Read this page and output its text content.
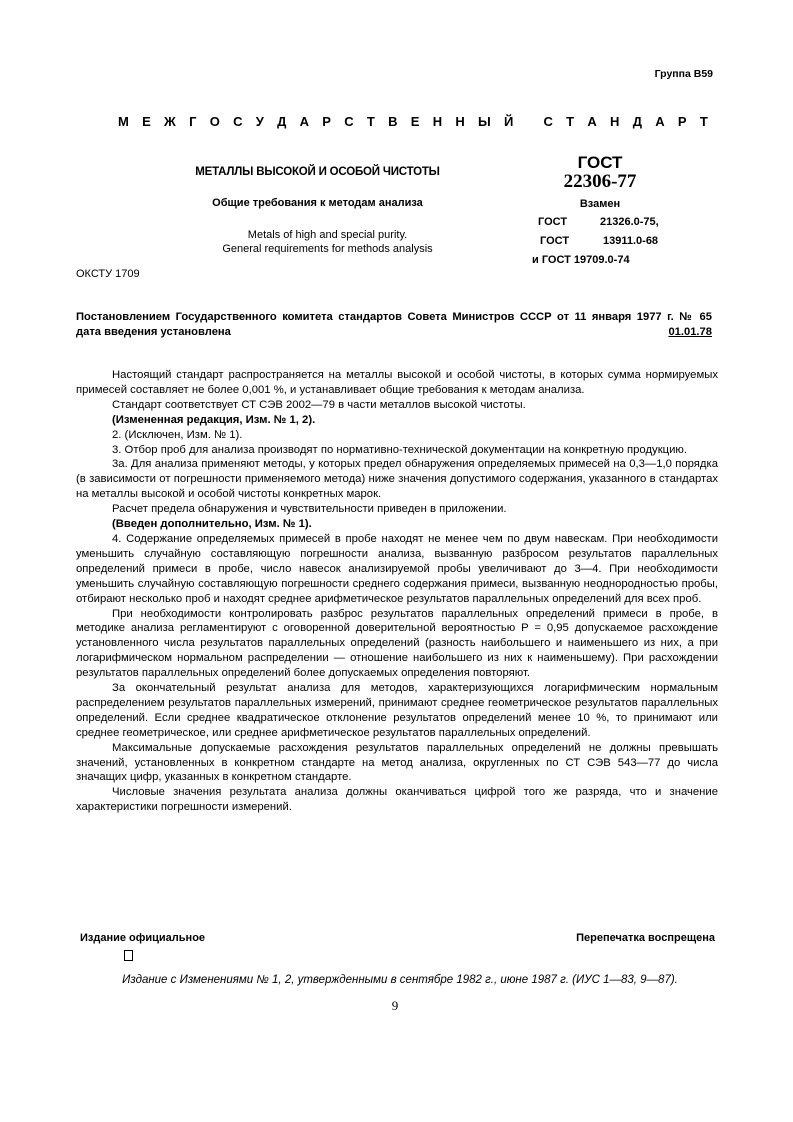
Группа В59
М Е Ж Г О С У Д А Р С Т В Е Н Н Ы Й
С Т А Н Д А Р Т
МЕТАЛЛЫ ВЫСОКОЙ И ОСОБОЙ ЧИСТОТЫ
Общие требования к методам анализа
Metals of high and special purity.
General requirements for methods analysis
ГОСТ
22306-77
Взамен
ГОСТ	21326.0-75,
ГОСТ	13911.0-68
и ГОСТ 19709.0-74
ОКСТУ 1709
Постановлением Государственного комитета стандартов Совета Министров СССР от 11 января 1977 г. № 65
дата введения установлена	01.01.78

Настоящий стандарт распространяется на металлы высокой и особой чистоты, в которых сумма нормируемых примесей составляет не более 0,001 %, и устанавливает общие требования к методам анализа.

Стандарт соответствует СТ СЭВ 2002—79 в части металлов высокой чистоты.

(Измененная редакция, Изм. № 1, 2).

2. (Исключен, Изм. № 1).

3. Отбор проб для анализа производят по нормативно-технической документации на конкретную продукцию.

3а. Для анализа применяют методы, у которых предел обнаружения определяемых примесей на 0,3—1,0 порядка (в зависимости от погрешности применяемого метода) ниже значения допустимого содержания, указанного в стандартах на металлы высокой и особой чистоты конкретных марок.

Расчет предела обнаружения и чувствительности приведен в приложении.

(Введен дополнительно, Изм. № 1).

4. Содержание определяемых примесей в пробе находят не менее чем по двум навескам. При необходимости уменьшить случайную составляющую погрешности анализа, вызванную разбросом результатов параллельных определений примеси в пробе, число навесок анализируемой пробы увеличивают до 3—4. При необходимости уменьшить случайную составляющую погрешности среднего содержания примеси, вызванную неоднородностью пробы, отбирают несколько проб и находят среднее арифметическое результатов параллельных определений для всех проб.

При необходимости контролировать разброс результатов параллельных определений примеси в пробе, в методике анализа регламентируют с оговоренной доверительной вероятностью P = 0,95 допускаемое расхождение установленного числа результатов параллельных определений (разность наибольшего и наименьшего из них, а при логарифмическом нормальном распределении — отношение наибольшего из них к наименьшему). При расхождении результатов параллельных определений более допускаемых определения повторяют.

За окончательный результат анализа для методов, характеризующихся логарифмическим нормальным распределением результатов параллельных измерений, принимают среднее геометрическое результатов параллельных определений. Если среднее квадратическое отклонение результатов определений менее 10 %, то принимают или среднее геометрическое, или среднее арифметическое результатов параллельных определений.

Максимальные допускаемые расхождения результатов параллельных определений не должны превышать значений, установленных в конкретном стандарте на метод анализа, округленных по СТ СЭВ 543—77 до числа значащих цифр, указанных в конкретном стандарте.

Числовые значения результата анализа должны оканчиваться цифрой того же разряда, что и значение характеристики погрешности измерений.

Издание официальное	Перепечатка воспрещена
Издание с Изменениями № 1, 2, утвержденными в сентябре 1982 г., июне 1987 г. (ИУС 1—83, 9—87).
9
